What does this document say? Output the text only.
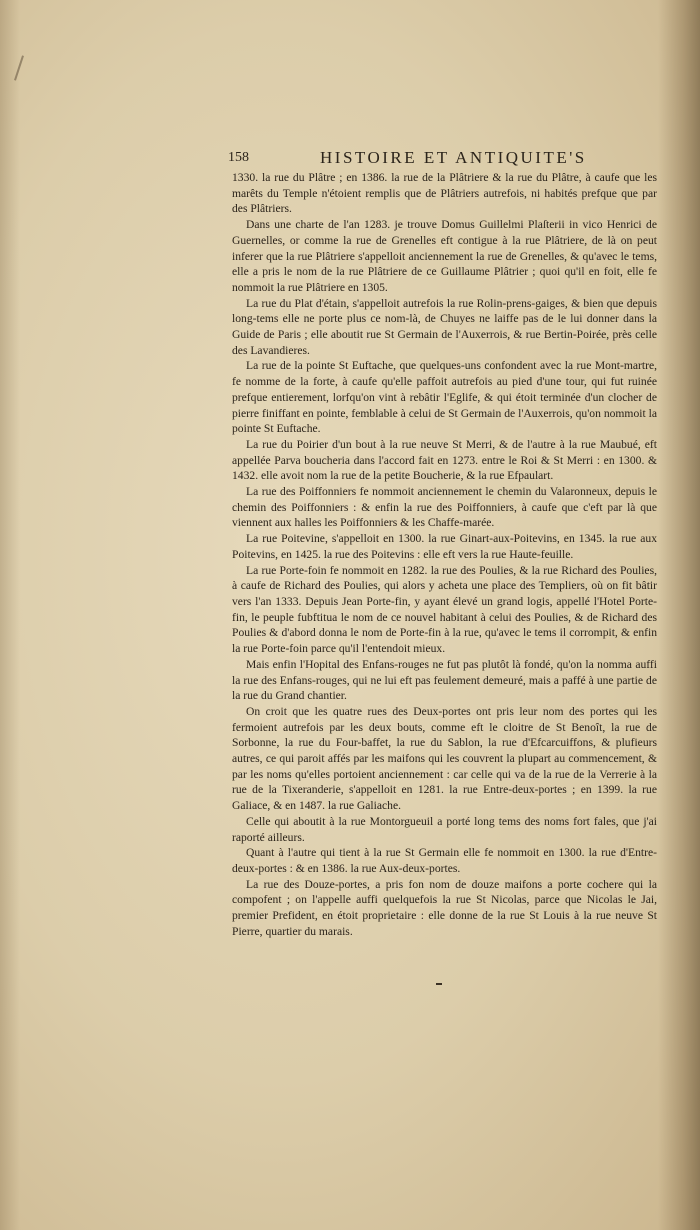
158	HISTOIRE ET ANTIQUITE'S

1330. la rue du Plâtre ; en 1386. la rue de la Plâtriere & la rue du Plâtre, à caufe que les marêts du Temple n'étoient remplis que de Plâtriers autrefois, ni habités prefque que par des Plâtriers.

Dans une charte de l'an 1283. je trouve Domus Guillelmi Plaſterii in vico Henrici de Guernelles, or comme la rue de Grenelles eft contigue à la rue Plâtriere, de là on peut inferer que la rue Plâtriere s'appelloit anciennement la rue de Grenelles, & qu'avec le tems, elle a pris le nom de la rue Plâtriere de ce Guillaume Plâtrier ; quoi qu'il en foit, elle fe nommoit la rue Plâtriere en 1305.

La rue du Plat d'étain, s'appelloit autrefois la rue Rolin-prens-gaiges, & bien que depuis long-tems elle ne porte plus ce nom-là, de Chuyes ne laiffe pas de le lui donner dans la Guide de Paris ; elle aboutit rue St Germain de l'Auxerrois, & rue Bertin-Poirée, près celle des Lavandieres.

La rue de la pointe St Euftache, que quelques-uns confondent avec la rue Mont-martre, fe nomme de la forte, à caufe qu'elle paffoit autrefois au pied d'une tour, qui fut ruinée prefque entierement, lorfqu'on vint à rebâtir l'Eglife, & qui étoit terminée d'un clocher de pierre finiffant en pointe, femblable à celui de St Germain de l'Auxerrois, qu'on nommoit la pointe St Euftache.

La rue du Poirier d'un bout à la rue neuve St Merri, & de l'autre à la rue Maubué, eft appellée Parva boucheria dans l'accord fait en 1273. entre le Roi & St Merri : en 1300. & 1432. elle avoit nom la rue de la petite Boucherie, & la rue Efpaulart.

La rue des Poiffonniers fe nommoit anciennement le chemin du Valaronneux, depuis le chemin des Poiffonniers : & enfin la rue des Poiffonniers, à caufe que c'eft par là que viennent aux halles les Poiffonniers & les Chaffe-marée.

La rue Poitevine, s'appelloit en 1300. la rue Ginart-aux-Poitevins, en 1345. la rue aux Poitevins, en 1425. la rue des Poitevins : elle eft vers la rue Haute-feuille.

La rue Porte-foin fe nommoit en 1282. la rue des Poulies, & la rue Richard des Poulies, à caufe de Richard des Poulies, qui alors y acheta une place des Templiers, où on fit bâtir vers l'an 1333. Depuis Jean Porte-fin, y ayant élevé un grand logis, appellé l'Hotel Porte-fin, le peuple fubftitua le nom de ce nouvel habitant à celui des Poulies, & de Richard des Poulies & d'abord donna le nom de Porte-fin à la rue, qu'avec le tems il corrompit, & enfin la rue Porte-foin parce qu'il l'entendoit mieux.

Mais enfin l'Hopital des Enfans-rouges ne fut pas plutôt là fondé, qu'on la nomma auffi la rue des Enfans-rouges, qui ne lui eft pas feulement demeuré, mais a paffé à une partie de la rue du Grand chantier.

On croit que les quatre rues des Deux-portes ont pris leur nom des portes qui les fermoient autrefois par les deux bouts, comme eft le cloitre de St Benoît, la rue de Sorbonne, la rue du Four-baffet, la rue du Sablon, la rue d'Efcarcuiffons, & plufieurs autres, ce qui paroit affés par les maifons qui les couvrent la plupart au commencement, & par les noms qu'elles portoient anciennement : car celle qui va de la rue de la Verrerie à la rue de la Tixeranderie, s'appelloit en 1281. la rue Entre-deux-portes ; en 1399. la rue Galiace, & en 1487. la rue Galiache.

Celle qui aboutit à la rue Montorgueuil a porté long tems des noms fort fales, que j'ai raporté ailleurs.

Quant à l'autre qui tient à la rue St Germain elle fe nommoit en 1300. la rue d'Entre-deux-portes : & en 1386. la rue Aux-deux-portes.

La rue des Douze-portes, a pris fon nom de douze maifons a porte cochere qui la compofent ; on l'appelle auffi quelquefois la rue St Nicolas, parce que Nicolas le Jai, premier Prefident, en étoit proprietaire : elle donne de la rue St Louis à la rue neuve St Pierre, quartier du marais.
